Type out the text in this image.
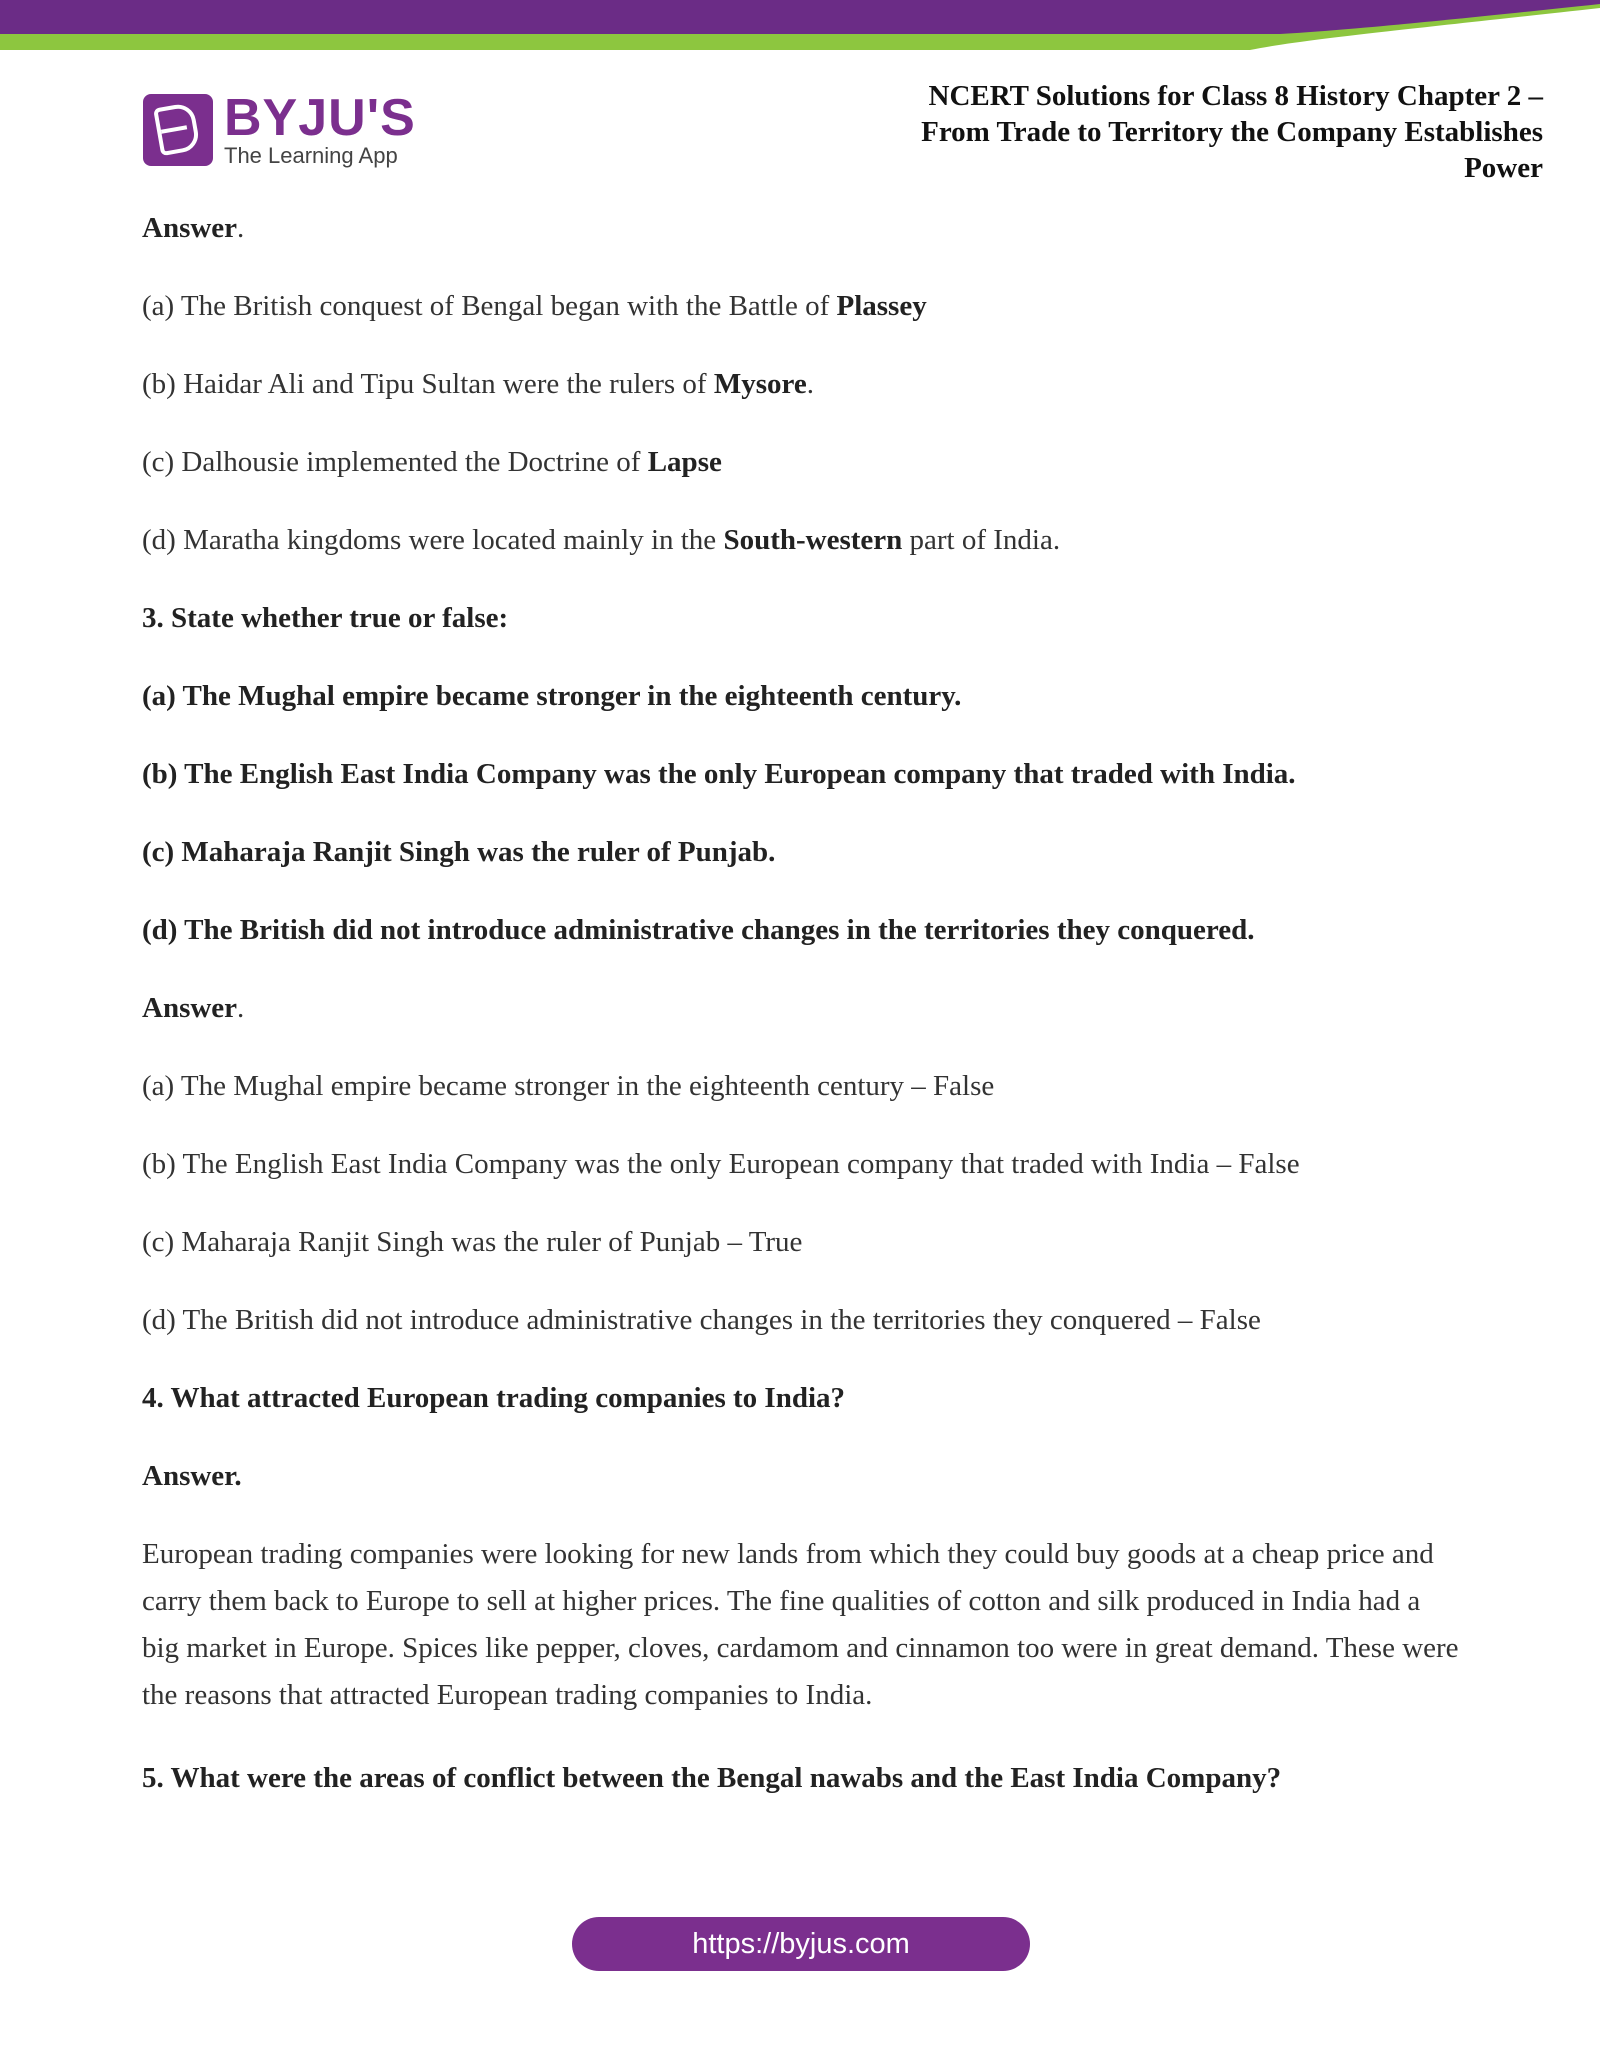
BYJU'S
The Learning App
NCERT Solutions for Class 8 History Chapter 2 –
From Trade to Territory the Company Establishes
Power

Answer.

(a) The British conquest of Bengal began with the Battle of Plassey

(b) Haidar Ali and Tipu Sultan were the rulers of Mysore.

(c) Dalhousie implemented the Doctrine of Lapse

(d) Maratha kingdoms were located mainly in the South-western part of India.

3. State whether true or false:

(a) The Mughal empire became stronger in the eighteenth century.

(b) The English East India Company was the only European company that traded with India.

(c) Maharaja Ranjit Singh was the ruler of Punjab.

(d) The British did not introduce administrative changes in the territories they conquered.

Answer.

(a) The Mughal empire became stronger in the eighteenth century – False

(b) The English East India Company was the only European company that traded with India – False

(c) Maharaja Ranjit Singh was the ruler of Punjab – True

(d) The British did not introduce administrative changes in the territories they conquered – False

4. What attracted European trading companies to India?

Answer.

European trading companies were looking for new lands from which they could buy goods at a cheap price and carry them back to Europe to sell at higher prices. The fine qualities of cotton and silk produced in India had a big market in Europe. Spices like pepper, cloves, cardamom and cinnamon too were in great demand. These were the reasons that attracted European trading companies to India.

5. What were the areas of conflict between the Bengal nawabs and the East India Company?

https://byjus.com
